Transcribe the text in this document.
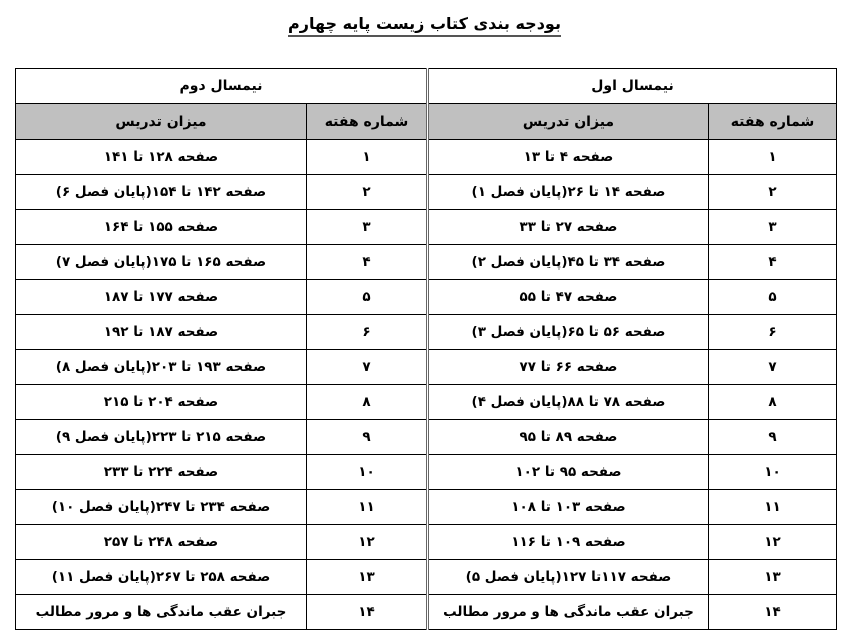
بودجه بندی کتاب زیست پایه چهارم
نیمسال اول		نیمسال دوم	
شماره هفته	میزان تدریس	شماره هفته	میزان تدریس
۱	صفحه ۴ تا ۱۳	۱	صفحه ۱۲۸ تا ۱۴۱
۲	صفحه ۱۴ تا ۲۶(پایان فصل ۱)	۲	صفحه ۱۴۲ تا ۱۵۴(پایان فصل ۶)
۳	صفحه ۲۷ تا ۳۳	۳	صفحه ۱۵۵ تا ۱۶۴
۴	صفحه ۳۴ تا ۴۵(پایان فصل ۲)	۴	صفحه ۱۶۵ تا ۱۷۵(پایان فصل ۷)
۵	صفحه ۴۷ تا ۵۵	۵	صفحه ۱۷۷ تا ۱۸۷
۶	صفحه ۵۶ تا ۶۵(پایان فصل ۳)	۶	صفحه ۱۸۷ تا ۱۹۲
۷	صفحه ۶۶ تا ۷۷	۷	صفحه ۱۹۳ تا ۲۰۳(پایان فصل ۸)
۸	صفحه ۷۸ تا ۸۸(پایان فصل ۴)	۸	صفحه ۲۰۴ تا ۲۱۵
۹	صفحه ۸۹ تا ۹۵	۹	صفحه ۲۱۵ تا ۲۲۳(پایان فصل ۹)
۱۰	صفحه ۹۵ تا ۱۰۲	۱۰	صفحه ۲۲۴ تا ۲۳۳
۱۱	صفحه ۱۰۳ تا ۱۰۸	۱۱	صفحه ۲۳۴ تا ۲۴۷(پایان فصل ۱۰)
۱۲	صفحه ۱۰۹ تا ۱۱۶	۱۲	صفحه ۲۴۸ تا ۲۵۷
۱۳	صفحه ۱۱۷تا ۱۲۷(پایان فصل ۵)	۱۳	صفحه ۲۵۸ تا ۲۶۷(پایان فصل ۱۱)
۱۴	جبران عقب ماندگی ها و مرور مطالب	۱۴	جبران عقب ماندگی ها و مرور مطالب
